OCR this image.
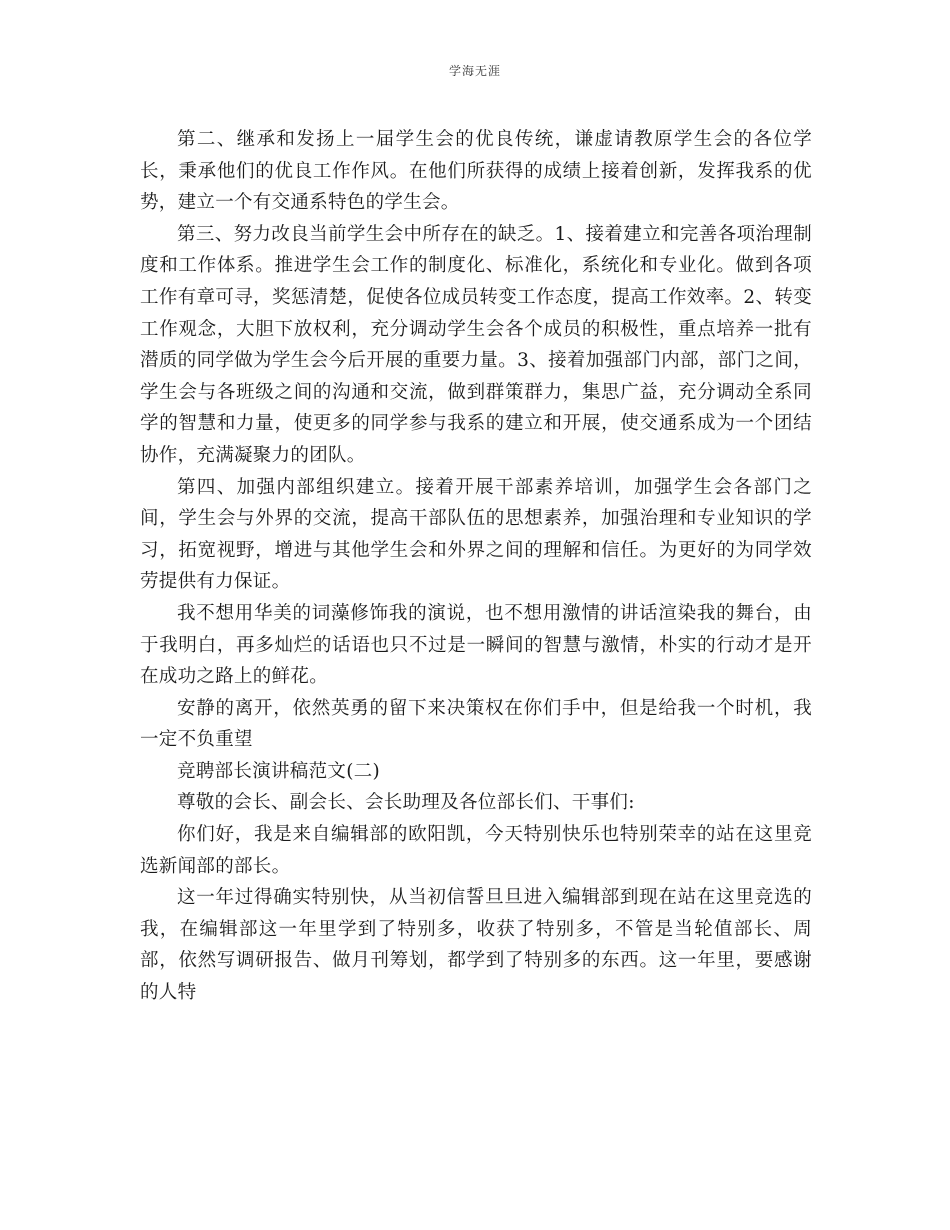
学海无涯

第二、继承和发扬上一届学生会的优良传统，谦虚请教原学生会的各位学长，秉承他们的优良工作作风。在他们所获得的成绩上接着创新，发挥我系的优势，建立一个有交通系特色的学生会。

第三、努力改良当前学生会中所存在的缺乏。1、接着建立和完善各项治理制度和工作体系。推进学生会工作的制度化、标准化，系统化和专业化。做到各项工作有章可寻，奖惩清楚，促使各位成员转变工作态度，提高工作效率。2、转变工作观念，大胆下放权利，充分调动学生会各个成员的积极性，重点培养一批有潜质的同学做为学生会今后开展的重要力量。3、接着加强部门内部，部门之间，学生会与各班级之间的沟通和交流，做到群策群力，集思广益，充分调动全系同学的智慧和力量，使更多的同学参与我系的建立和开展，使交通系成为一个团结协作，充满凝聚力的团队。

第四、加强内部组织建立。接着开展干部素养培训，加强学生会各部门之间，学生会与外界的交流，提高干部队伍的思想素养，加强治理和专业知识的学习，拓宽视野，增进与其他学生会和外界之间的理解和信任。为更好的为同学效劳提供有力保证。

我不想用华美的词藻修饰我的演说，也不想用激情的讲话渲染我的舞台，由于我明白，再多灿烂的话语也只不过是一瞬间的智慧与激情，朴实的行动才是开在成功之路上的鲜花。

安静的离开，依然英勇的留下来决策权在你们手中，但是给我一个时机，我一定不负重望

竞聘部长演讲稿范文(二)

尊敬的会长、副会长、会长助理及各位部长们、干事们:

你们好，我是来自编辑部的欧阳凯，今天特别快乐也特别荣幸的站在这里竞选新闻部的部长。

这一年过得确实特别快，从当初信誓旦旦进入编辑部到现在站在这里竞选的我，在编辑部这一年里学到了特别多，收获了特别多，不管是当轮值部长、周部，依然写调研报告、做月刊筹划，都学到了特别多的东西。这一年里，要感谢的人特
